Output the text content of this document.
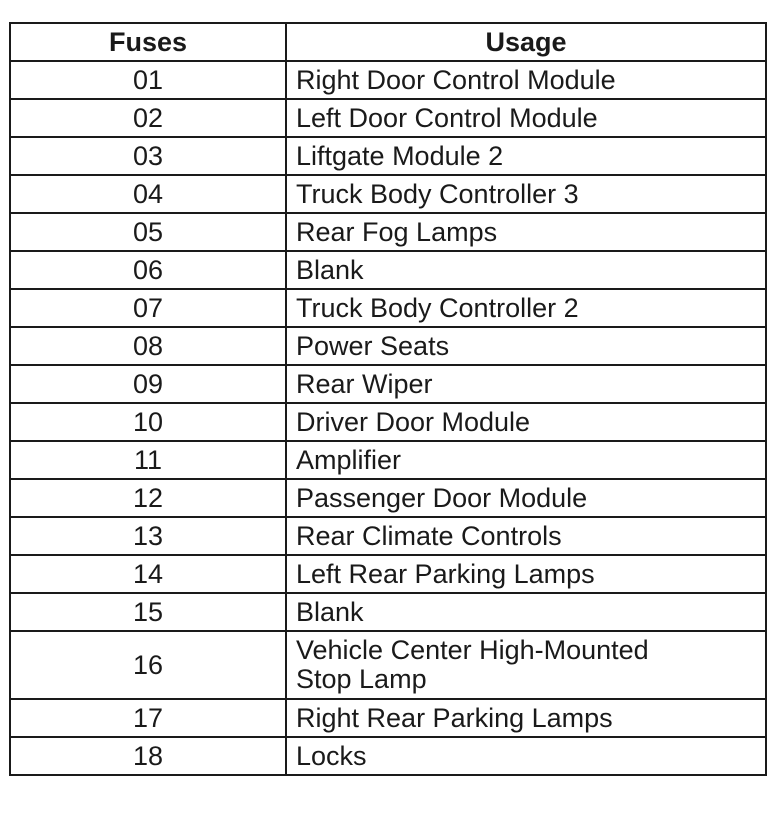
Fuses	Usage
01	Right Door Control Module

02	Left Door Control Module

03	Liftgate Module 2

04	Truck Body Controller 3

05	Rear Fog Lamps

06	Blank

07	Truck Body Controller 2

08	Power Seats

09	Rear Wiper

10	Driver Door Module

11	Amplifier

12	Passenger Door Module

13	Rear Climate Controls

14	Left Rear Parking Lamps

15	Blank

16	Vehicle Center High-Mounted
Stop Lamp

17	Right Rear Parking Lamps

18	Locks
